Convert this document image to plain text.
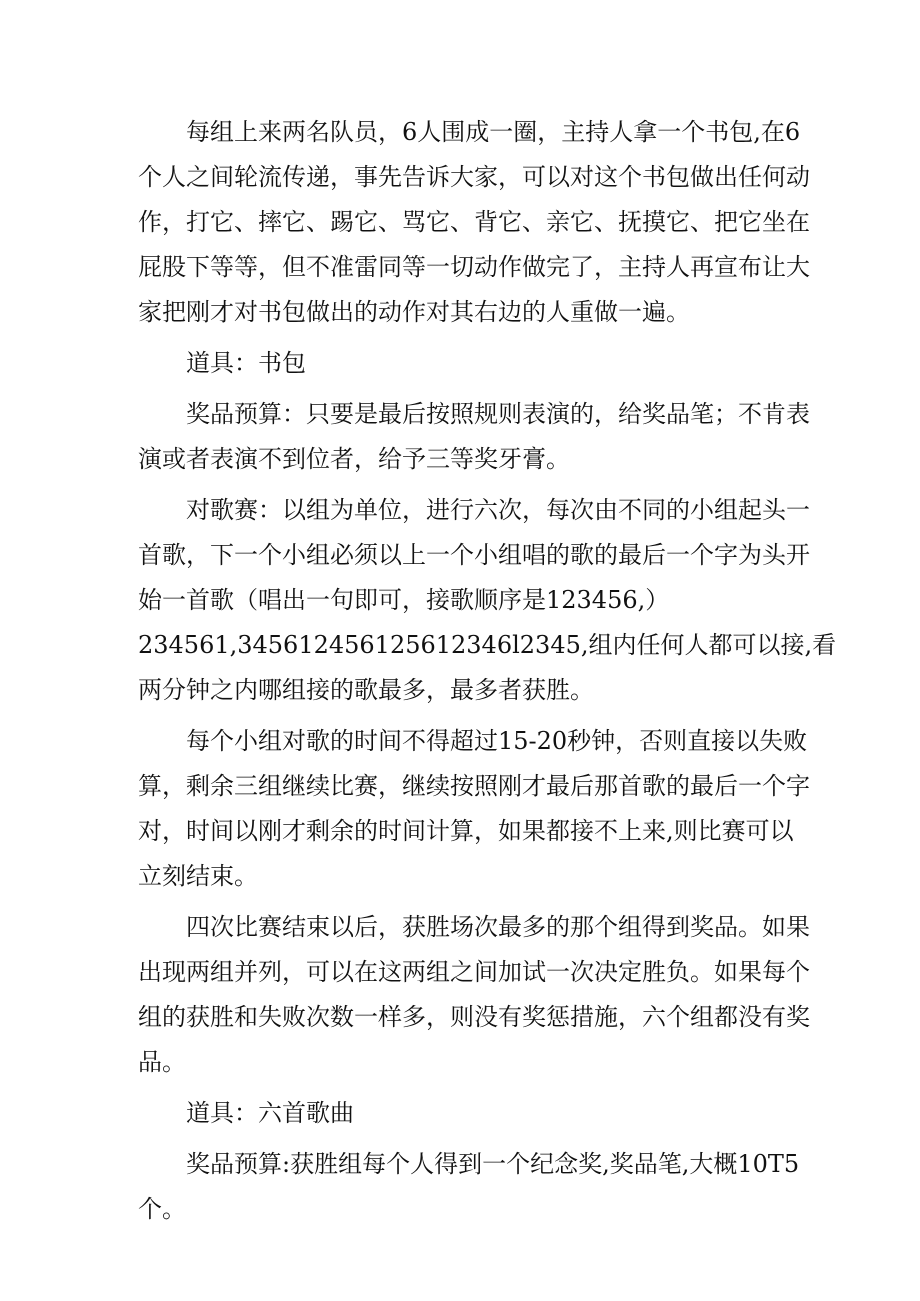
每组上来两名队员，6人围成一圈，主持人拿一个书包,在6
个人之间轮流传递，事先告诉大家，可以对这个书包做出任何动
作，打它、摔它、踢它、骂它、背它、亲它、抚摸它、把它坐在
屁股下等等，但不准雷同等一切动作做完了，主持人再宣布让大
家把刚才对书包做出的动作对其右边的人重做一遍。

道具：书包

奖品预算：只要是最后按照规则表演的，给奖品笔；不肯表
演或者表演不到位者，给予三等奖牙膏。

对歌赛：以组为单位，进行六次，每次由不同的小组起头一
首歌，下一个小组必须以上一个小组唱的歌的最后一个字为头开
始一首歌（唱出一句即可，接歌顺序是123456,）
234561,345612456125612346l2345,组内任何人都可以接,看
两分钟之内哪组接的歌最多，最多者获胜。

每个小组对歌的时间不得超过15-20秒钟，否则直接以失败
算，剩余三组继续比赛，继续按照刚才最后那首歌的最后一个字
对，时间以刚才剩余的时间计算，如果都接不上来,则比赛可以
立刻结束。

四次比赛结束以后，获胜场次最多的那个组得到奖品。如果
出现两组并列，可以在这两组之间加试一次决定胜负。如果每个
组的获胜和失败次数一样多，则没有奖惩措施，六个组都没有奖
品。

道具：六首歌曲

奖品预算:获胜组每个人得到一个纪念奖,奖品笔,大概10T5
个。
